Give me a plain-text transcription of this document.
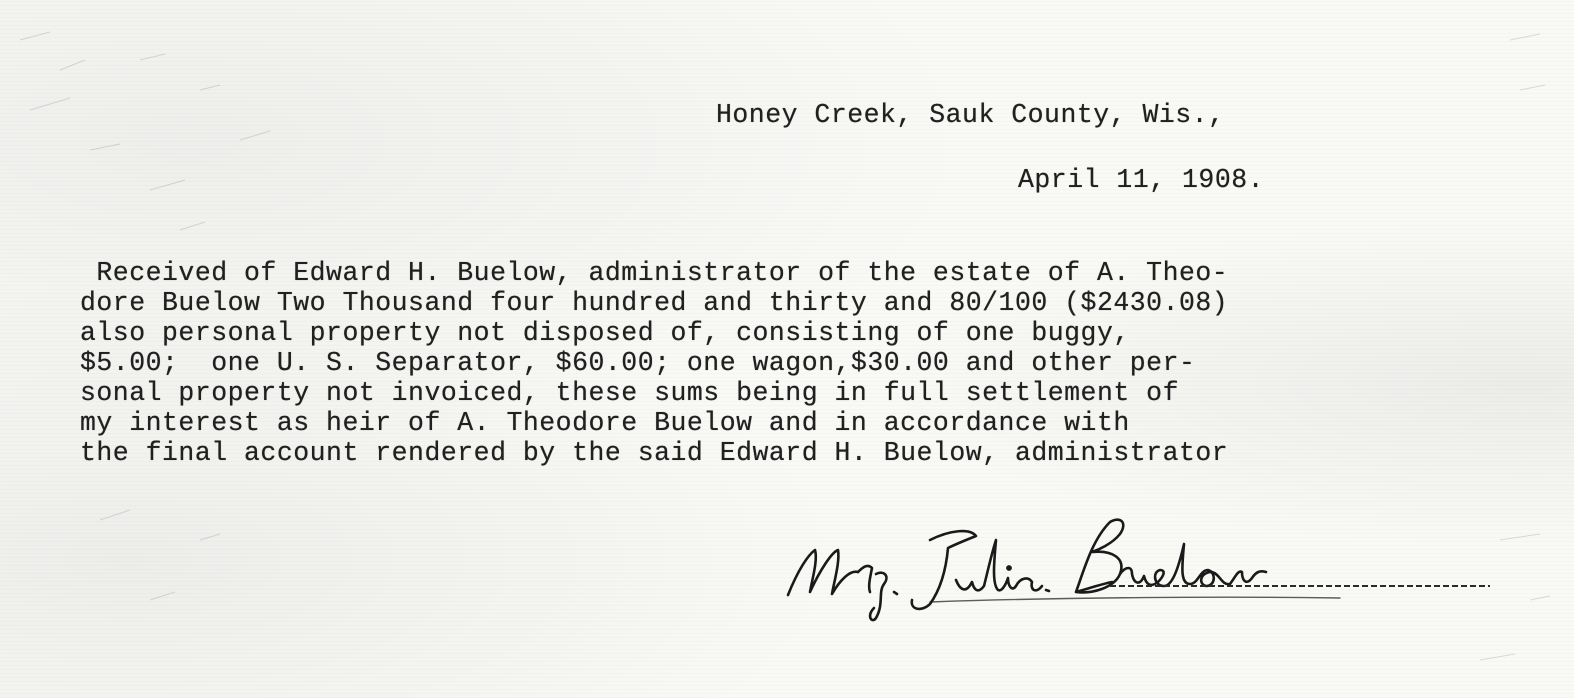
Honey Creek, Sauk County, Wis.,
April 11, 1908.
Received of Edward H. Buelow, administrator of the estate of A. Theo-
dore Buelow Two Thousand four hundred and thirty and 80/100 ($2430.08)
also personal property not disposed of, consisting of one buggy,
$5.00;  one U. S. Separator, $60.00; one wagon,$30.00 and other per-
sonal property not invoiced, these sums being in full settlement of
my interest as heir of A. Theodore Buelow and in accordance with
the final account rendered by the said Edward H. Buelow, administrator
